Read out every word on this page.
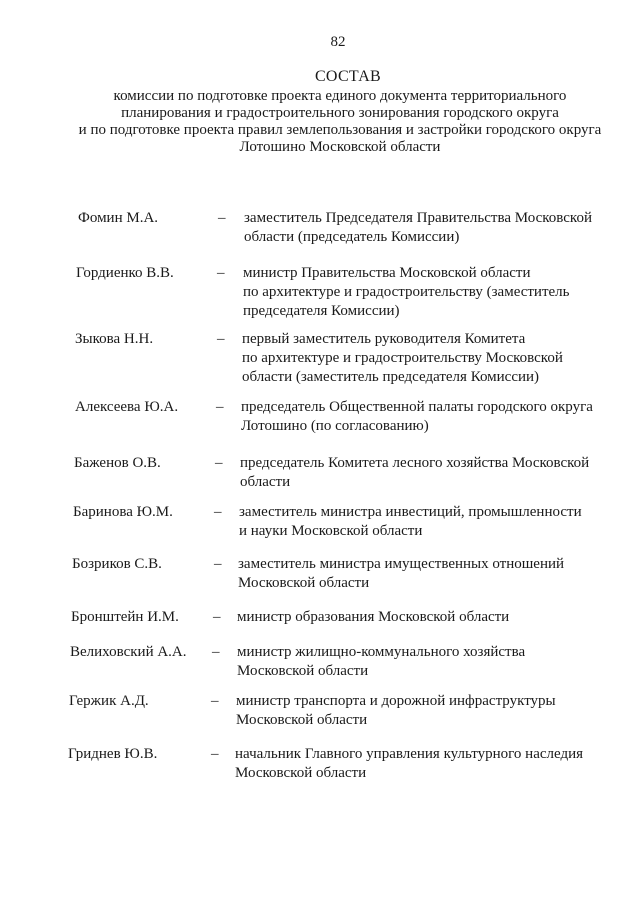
82
СОСТАВ
комиссии по подготовке проекта единого документа территориального
планирования и градостроительного зонирования городского округа
и по подготовке проекта правил землепользования и застройки городского округа
Лотошино Московской области
Фомин М.А.	– заместитель Председателя Правительства Московской
области (председатель Комиссии)
Гордиенко В.В.	– министр Правительства Московской области
по архитектуре и градостроительству (заместитель
председателя Комиссии)
Зыкова Н.Н.	– первый заместитель руководителя Комитета
по архитектуре и градостроительству Московской
области (заместитель председателя Комиссии)
Алексеева Ю.А.	– председатель Общественной палаты городского округа
Лотошино (по согласованию)
Баженов О.В.	– председатель Комитета лесного хозяйства Московской
области
Баринова Ю.М.	– заместитель министра инвестиций, промышленности
и науки Московской области
Бозриков С.В.	– заместитель министра имущественных отношений
Московской области
Бронштейн И.М. – министр образования Московской области
Велиховский А.А. – министр жилищно-коммунального хозяйства
Московской области
Гержик А.Д.	– министр транспорта и дорожной инфраструктуры
Московской области
Гриднев Ю.В.	– начальник Главного управления культурного наследия
Московской области
